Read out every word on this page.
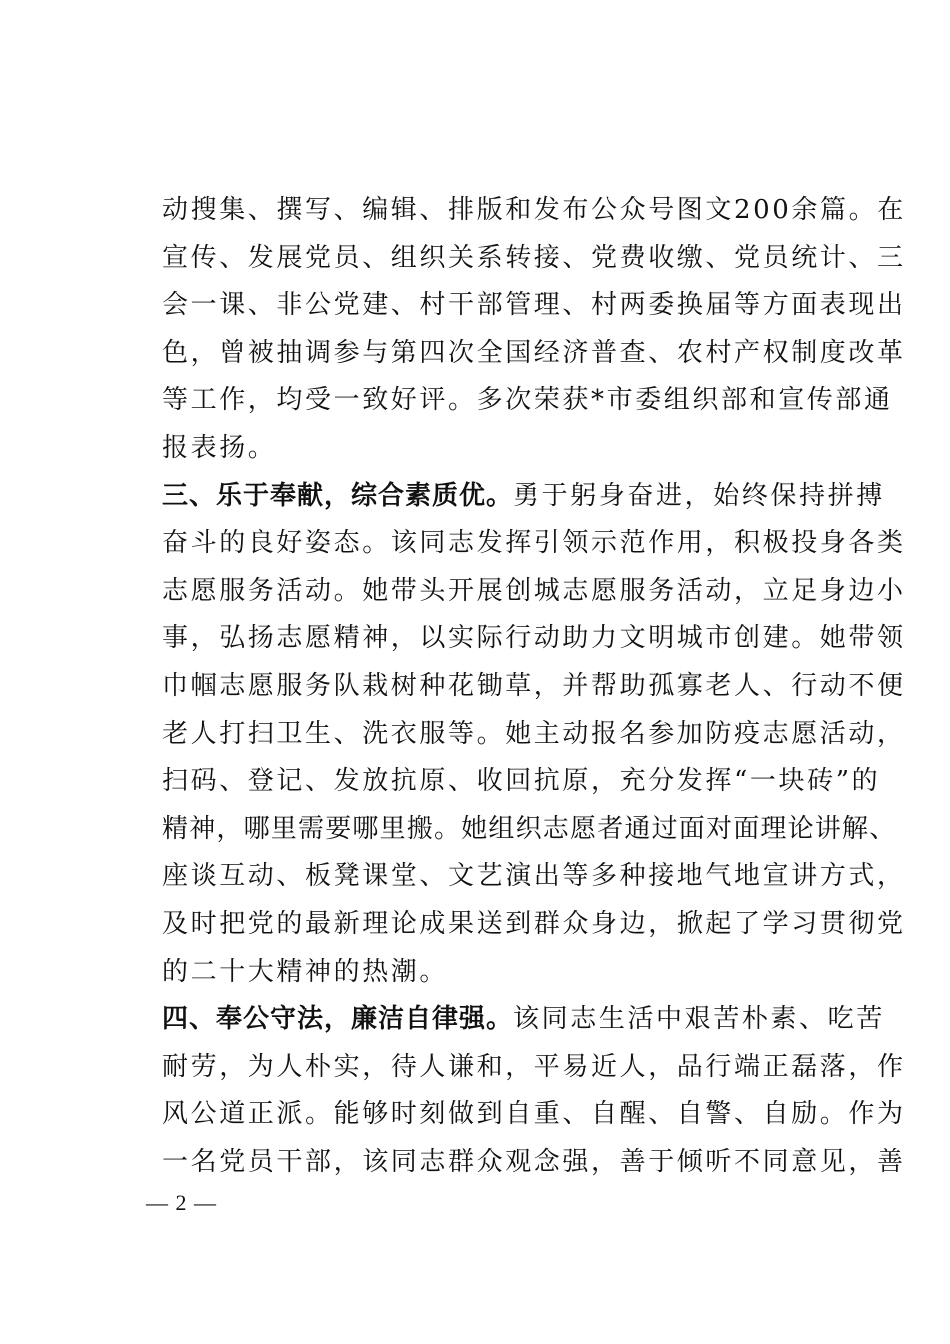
动搜集、撰写、编辑、排版和发布公众号图文200余篇。在
宣传、发展党员、组织关系转接、党费收缴、党员统计、三
会一课、非公党建、村干部管理、村两委换届等方面表现出
色，曾被抽调参与第四次全国经济普查、农村产权制度改革
等工作，均受一致好评。多次荣获*市委组织部和宣传部通
报表扬。
三、乐于奉献，综合素质优。勇于躬身奋进，始终保持拼搏
奋斗的良好姿态。该同志发挥引领示范作用，积极投身各类
志愿服务活动。她带头开展创城志愿服务活动，立足身边小
事，弘扬志愿精神，以实际行动助力文明城市创建。她带领
巾帼志愿服务队栽树种花锄草，并帮助孤寡老人、行动不便
老人打扫卫生、洗衣服等。她主动报名参加防疫志愿活动，
扫码、登记、发放抗原、收回抗原，充分发挥“一块砖”的
精神，哪里需要哪里搬。她组织志愿者通过面对面理论讲解、
座谈互动、板凳课堂、文艺演出等多种接地气地宣讲方式，
及时把党的最新理论成果送到群众身边，掀起了学习贯彻党
的二十大精神的热潮。
四、奉公守法，廉洁自律强。该同志生活中艰苦朴素、吃苦
耐劳，为人朴实，待人谦和，平易近人，品行端正磊落，作
风公道正派。能够时刻做到自重、自醒、自警、自励。作为
一名党员干部，该同志群众观念强，善于倾听不同意见，善
— 2 —
